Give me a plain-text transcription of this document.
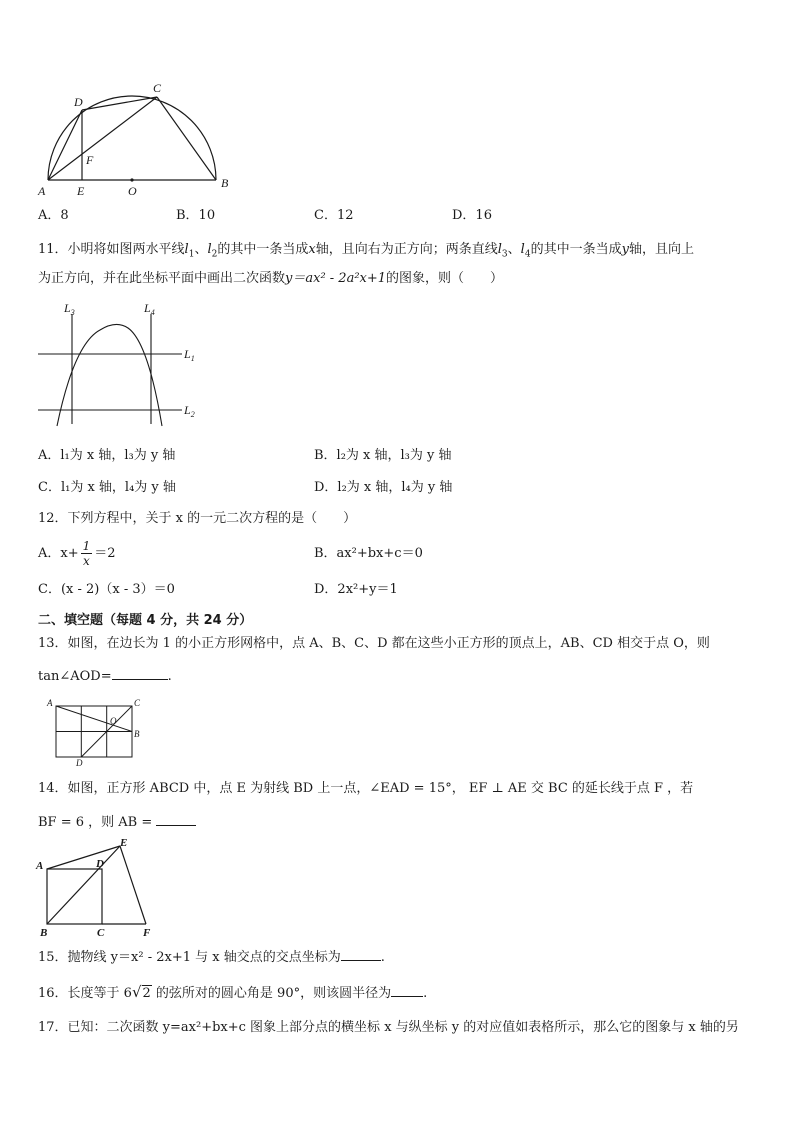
A	E	O
B
D
C
F
A．8	B．10	C．12	D．16
11．小明将如图两水平线$l_1$、$l_2$的其中一条当成x轴，且向右为正方向；两条直线$l_3$、$l_4$的其中一条当成y轴，且向上
为正方向，并在此坐标平面中画出二次函数y＝ax² - 2a²x+1的图象，则（　　）
$L_3$	$L_4$
$L_1$
$L_2$
A．l₁为 x 轴，l₃为 y 轴	B．l₂为 x 轴，l₃为 y 轴
C．l₁为 x 轴，l₄为 y 轴	D．l₂为 x 轴，l₄为 y 轴
12．下列方程中，关于 x 的一元二次方程的是（　　）
A．$x+ \frac{1}{x} =2$	B．ax²+bx+c＝0
C．(x - 2)（x - 3）＝0	D．2x²+y＝1
二、填空题（每题 4 分，共 24 分）
13．如图，在边长为 1 的小正方形网格中，点 A、B、C、D 都在这些小正方形的顶点上，AB、CD 相交于点 O，则
tan∠AOD=	.
A	C
O
B
D
14．如图，正方形 ABCD 中，点 E 为射线 BD 上一点，∠EAD = 15°， EF ⊥ AE 交 BC 的延长线于点 F ，若
BF = 6 ，则 AB =
A	D
E
B	C	F
15．抛物线 y＝x² - 2x+1 与 x 轴交点的交点坐标为	.
16．长度等于 6√2 的弦所对的圆心角是 90°，则该圆半径为 .
17．已知：二次函数 y=ax²+bx+c 图象上部分点的横坐标 x 与纵坐标 y 的对应值如表格所示，那么它的图象与 x 轴的另
